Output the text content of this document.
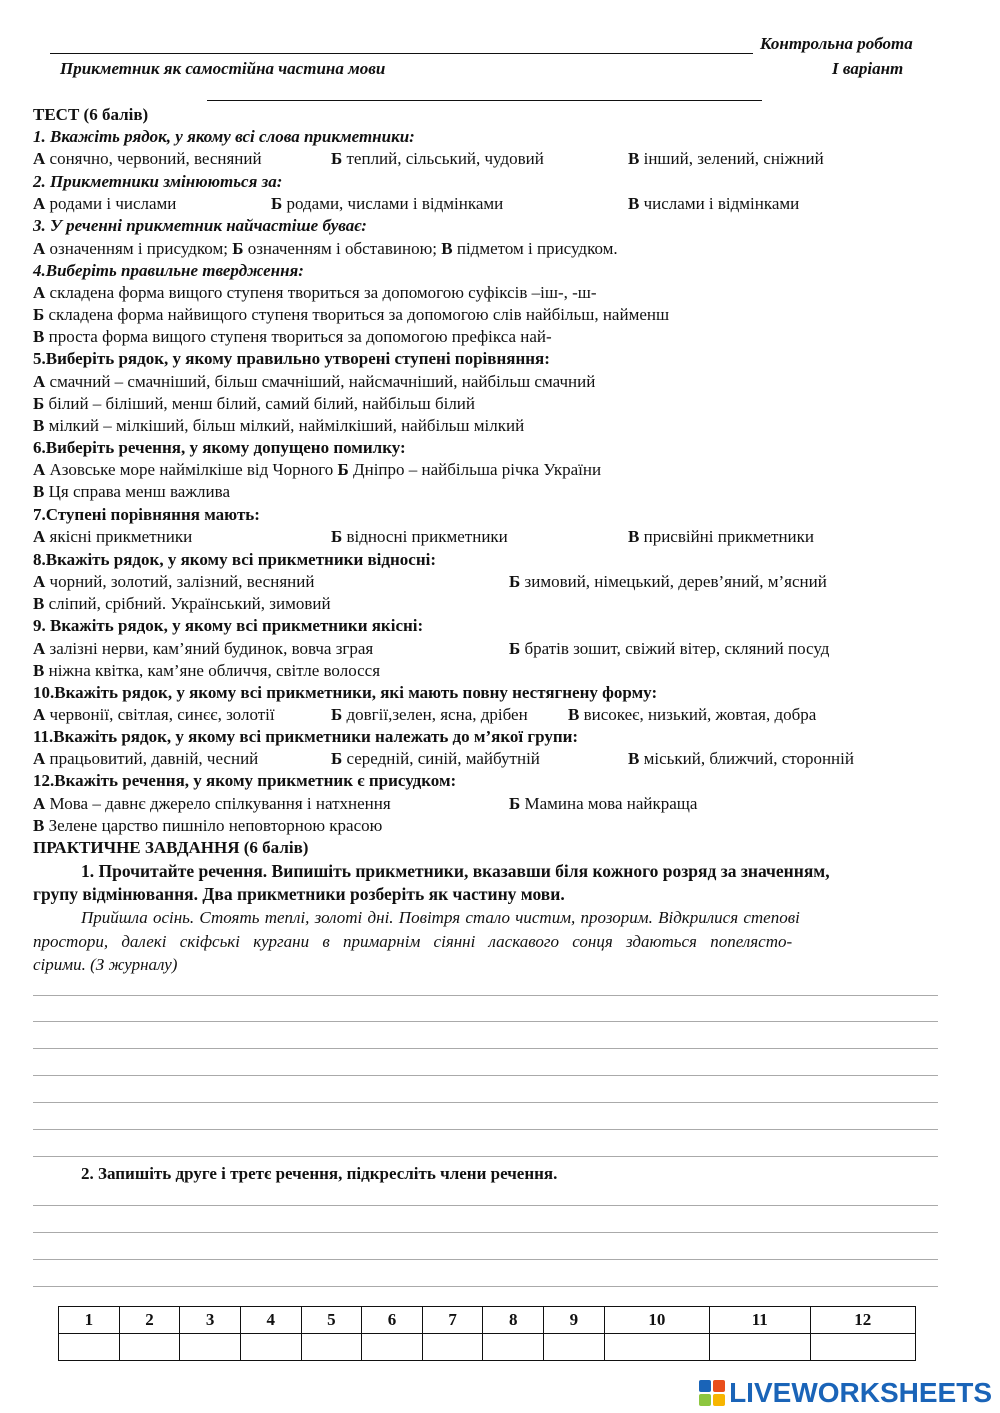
Контрольна робота
Прикметник як самостійна частина мови	І варіант
ТЕСТ (6 балів)
1. Вкажіть рядок, у якому всі слова прикметники:
А сонячно, червоний, весняний	Б теплий, сільський, чудовий	В інший, зелений, сніжний
2. Прикметники змінюються за:
А родами і числами	Б родами, числами і відмінками	В числами і відмінками
3. У реченні прикметник найчастіше буває:
А означенням і присудком; Б означенням і обставиною; В підметом і присудком.
4.Виберіть правильне твердження:
А складена форма вищого ступеня твориться за допомогою суфіксів –іш-, -ш-
Б складена форма найвищого ступеня твориться за допомогою слів найбільш, найменш
В проста форма вищого ступеня твориться за допомогою префікса най-
5.Виберіть рядок, у якому правильно утворені ступені порівняння:
А смачний – смачніший, більш смачніший, найсмачніший, найбільш смачний
Б білий – біліший, менш білий, самий білий, найбільш білий
В мілкий – мілкіший, більш мілкий, наймілкіший, найбільш мілкий
6.Виберіть речення, у якому допущено помилку:
А Азовське море наймілкіше від Чорного Б Дніпро – найбільша річка України
В Ця справа менш важлива
7.Ступені порівняння мають:
А якісні прикметники	Б відносні прикметники	В присвійні прикметники
8.Вкажіть рядок, у якому всі прикметники відносні:
А чорний, золотий, залізний, весняний	Б зимовий, німецький, дерев’яний, м’ясний
В сліпий, срібний. Український, зимовий
9. Вкажіть рядок, у якому всі прикметники якісні:
А залізні нерви, кам’яний будинок, вовча зграя	Б братів зошит, свіжий вітер, скляний посуд
В ніжна квітка, кам’яне обличчя, світле волосся
10.Вкажіть рядок, у якому всі прикметники, які мають повну нестягнену форму:
А червонії, світлая, синєє, золотії	Б довгії,зелен, ясна, дрібен В високеє, низький, жовтая, добра
11.Вкажіть рядок, у якому всі прикметники належать до м’якої групи:
А працьовитий, давній, чесний	Б середній, синій, майбутній	В міський, ближчий, сторонній
12.Вкажіть речення, у якому прикметник є присудком:
А Мова – давнє джерело спілкування і натхнення	Б Мамина мова найкраща
В Зелене царство пишніло неповторною красою
ПРАКТИЧНЕ ЗАВДАННЯ (6 балів)
1. Прочитайте речення. Випишіть прикметники, вказавши біля кожного розряд за значенням,
групу відмінювання. Два прикметники розберіть як частину мови.
Прийшла осінь. Стоять теплі, золоті дні. Повітря стало чистим, прозорим. Відкрилися степові
простори, далекі скіфські кургани в примарнім сіянні ласкавого сонця здаються попелясто-
сірими. (З журналу)
2. Запишіть друге і третє речення, підкресліть члени речення.
1	2	3	4	5	6	7	8	9	10	11	12

LIVEWORKSHEETS
